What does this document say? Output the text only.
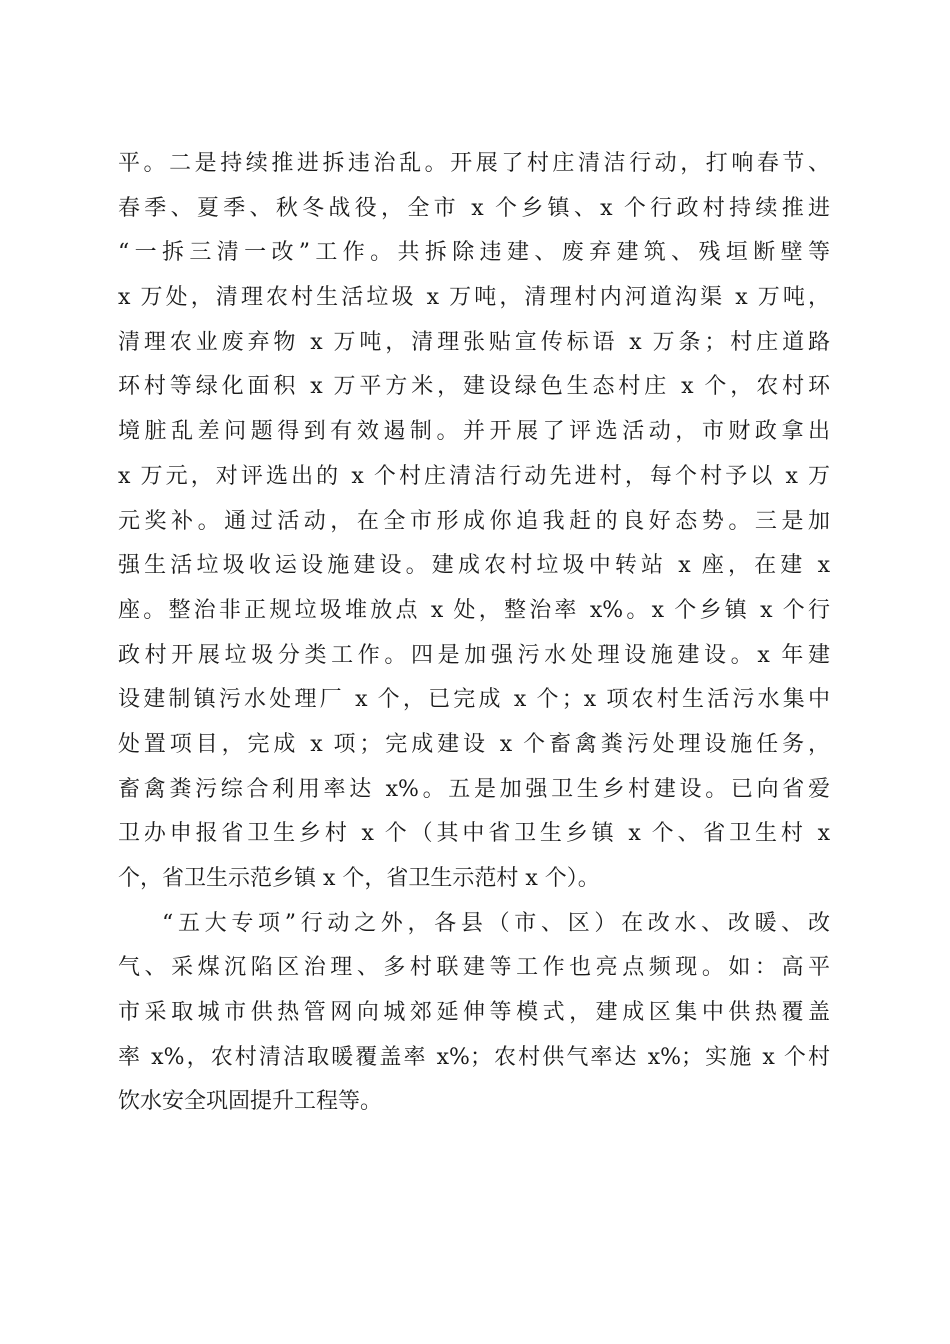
平。二是持续推进拆违治乱。开展了村庄清洁行动，打响春节、
春季、夏季、秋冬战役，全市 x 个乡镇、x 个行政村持续推进
“一拆三清一改”工作。共拆除违建、废弃建筑、残垣断壁等
x 万处，清理农村生活垃圾 x 万吨，清理村内河道沟渠 x 万吨，
清理农业废弃物 x 万吨，清理张贴宣传标语 x 万条；村庄道路
环村等绿化面积 x 万平方米，建设绿色生态村庄 x 个，农村环
境脏乱差问题得到有效遏制。并开展了评选活动，市财政拿出
x 万元，对评选出的 x 个村庄清洁行动先进村，每个村予以 x 万
元奖补。通过活动，在全市形成你追我赶的良好态势。三是加
强生活垃圾收运设施建设。建成农村垃圾中转站 x 座，在建 x
座。整治非正规垃圾堆放点 x 处，整治率 x%。x 个乡镇 x 个行
政村开展垃圾分类工作。四是加强污水处理设施建设。x 年建
设建制镇污水处理厂 x 个，已完成 x 个；x 项农村生活污水集中
处置项目，完成 x 项；完成建设 x 个畜禽粪污处理设施任务，
畜禽粪污综合利用率达 x%。五是加强卫生乡村建设。已向省爱
卫办申报省卫生乡村 x 个（其中省卫生乡镇 x 个、省卫生村 x
个，省卫生示范乡镇 x 个，省卫生示范村 x 个）。
“五大专项”行动之外，各县（市、区）在改水、改暖、改
气、采煤沉陷区治理、多村联建等工作也亮点频现。如：高平
市采取城市供热管网向城郊延伸等模式，建成区集中供热覆盖
率 x%，农村清洁取暖覆盖率 x%；农村供气率达 x%；实施 x 个村
饮水安全巩固提升工程等。
